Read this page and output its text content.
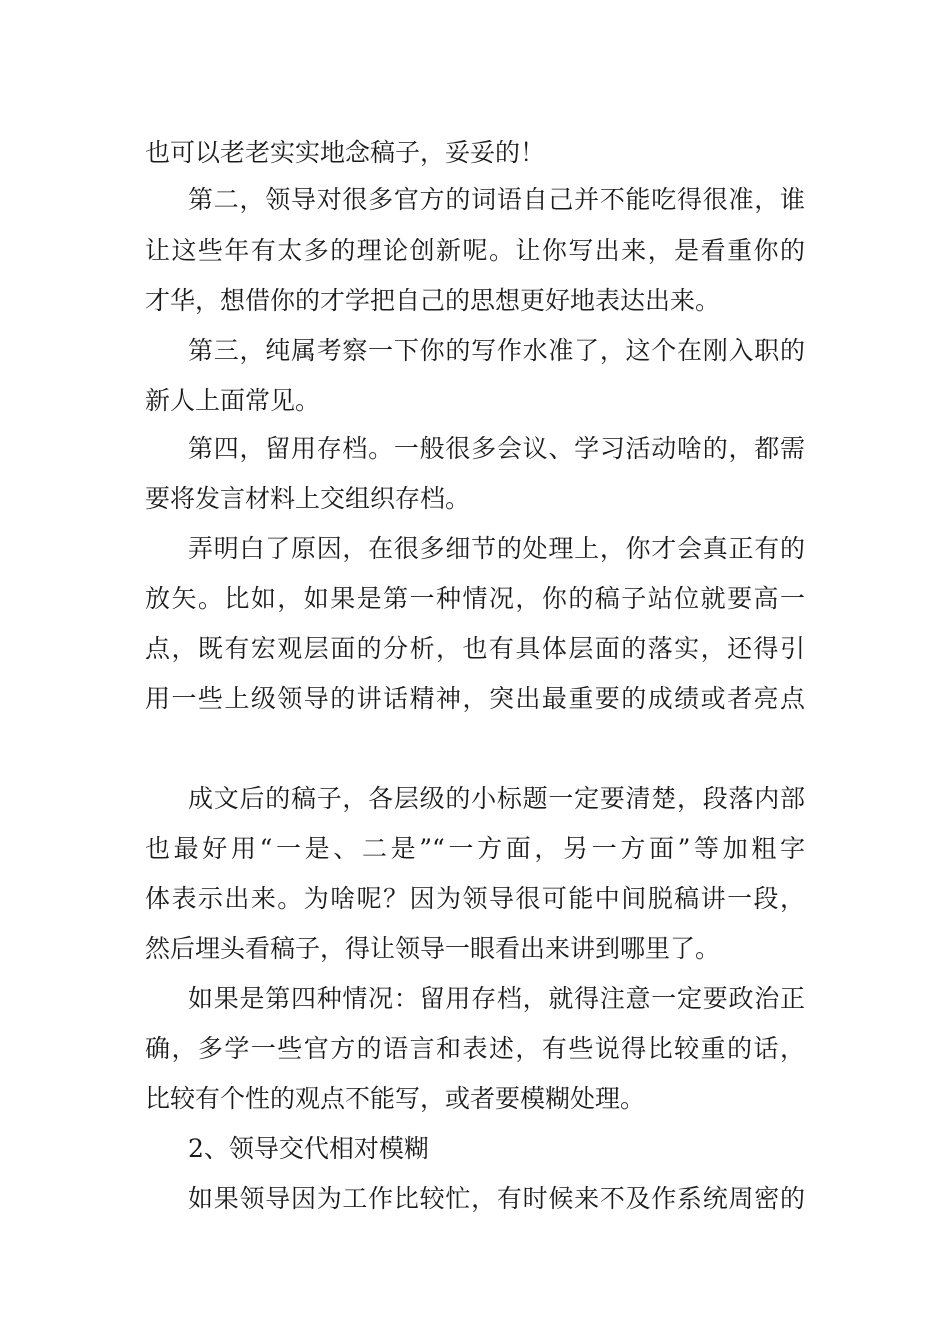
也可以老老实实地念稿子，妥妥的！
第二，领导对很多官方的词语自己并不能吃得很准，谁
让这些年有太多的理论创新呢。让你写出来，是看重你的
才华，想借你的才学把自己的思想更好地表达出来。
第三，纯属考察一下你的写作水准了，这个在刚入职的
新人上面常见。
第四，留用存档。一般很多会议、学习活动啥的，都需
要将发言材料上交组织存档。
弄明白了原因，在很多细节的处理上，你才会真正有的
放矢。比如，如果是第一种情况，你的稿子站位就要高一
点，既有宏观层面的分析，也有具体层面的落实，还得引
用一些上级领导的讲话精神，突出最重要的成绩或者亮点
成文后的稿子，各层级的小标题一定要清楚，段落内部
也最好用“一是、二是”“一方面，另一方面”等加粗字
体表示出来。为啥呢？因为领导很可能中间脱稿讲一段，
然后埋头看稿子，得让领导一眼看出来讲到哪里了。
如果是第四种情况：留用存档，就得注意一定要政治正
确，多学一些官方的语言和表述，有些说得比较重的话，
比较有个性的观点不能写，或者要模糊处理。
2、领导交代相对模糊
如果领导因为工作比较忙，有时候来不及作系统周密的
